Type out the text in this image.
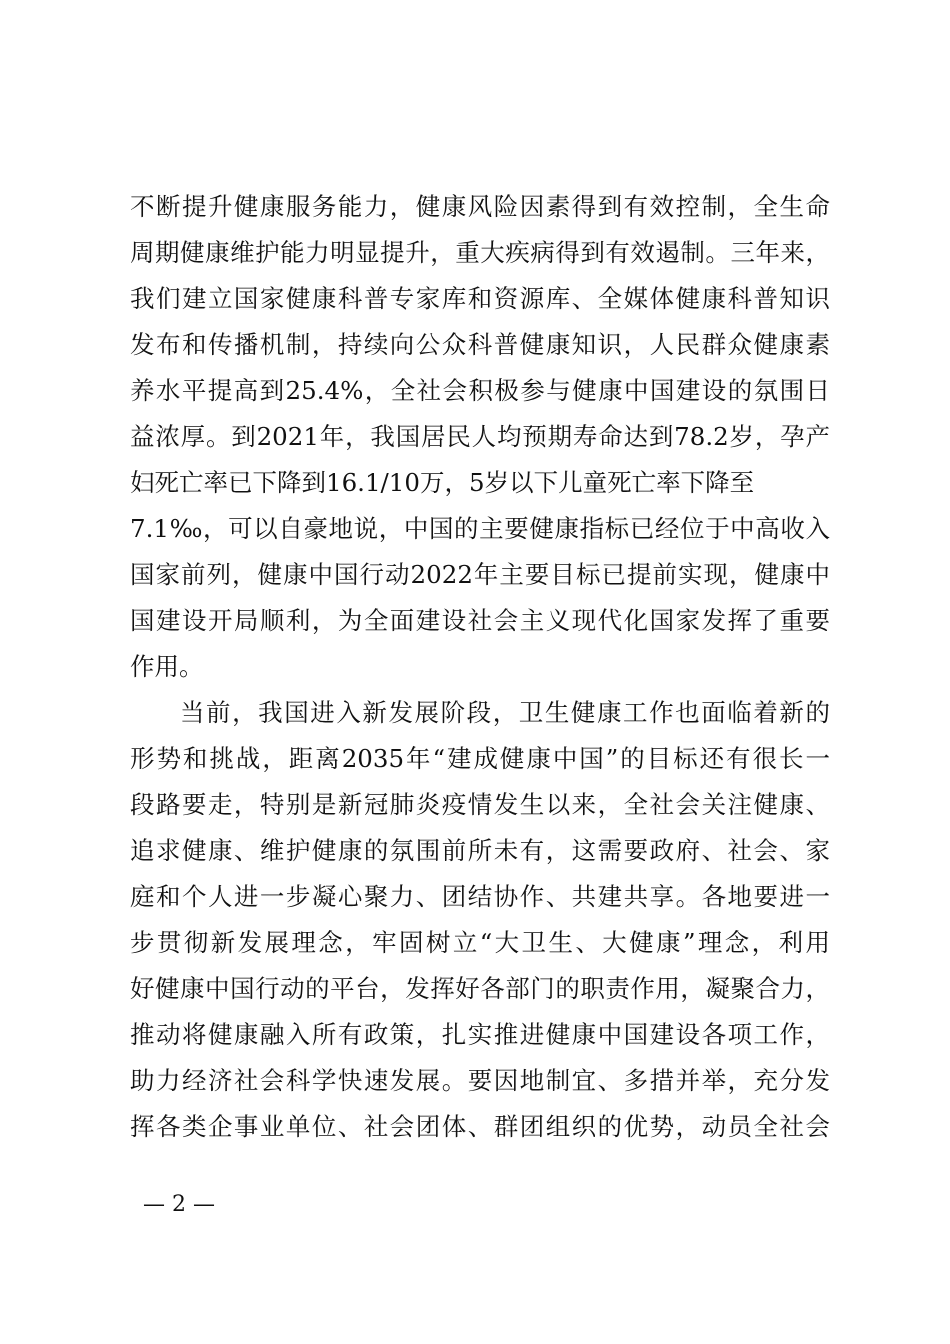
不断提升健康服务能力，健康风险因素得到有效控制，全生命
周期健康维护能力明显提升，重大疾病得到有效遏制。三年来，
我们建立国家健康科普专家库和资源库、全媒体健康科普知识
发布和传播机制，持续向公众科普健康知识，人民群众健康素
养水平提高到25.4%，全社会积极参与健康中国建设的氛围日
益浓厚。到2021年，我国居民人均预期寿命达到78.2岁，孕产
妇死亡率已下降到16.1/10万，5岁以下儿童死亡率下降至
7.1‰，可以自豪地说，中国的主要健康指标已经位于中高收入
国家前列，健康中国行动2022年主要目标已提前实现，健康中
国建设开局顺利，为全面建设社会主义现代化国家发挥了重要
作用。
当前，我国进入新发展阶段，卫生健康工作也面临着新的
形势和挑战，距离2035年“建成健康中国”的目标还有很长一
段路要走，特别是新冠肺炎疫情发生以来，全社会关注健康、
追求健康、维护健康的氛围前所未有，这需要政府、社会、家
庭和个人进一步凝心聚力、团结协作、共建共享。各地要进一
步贯彻新发展理念，牢固树立“大卫生、大健康”理念，利用
好健康中国行动的平台，发挥好各部门的职责作用，凝聚合力，
推动将健康融入所有政策，扎实推进健康中国建设各项工作，
助力经济社会科学快速发展。要因地制宜、多措并举，充分发
挥各类企事业单位、社会团体、群团组织的优势，动员全社会
— 2 —
